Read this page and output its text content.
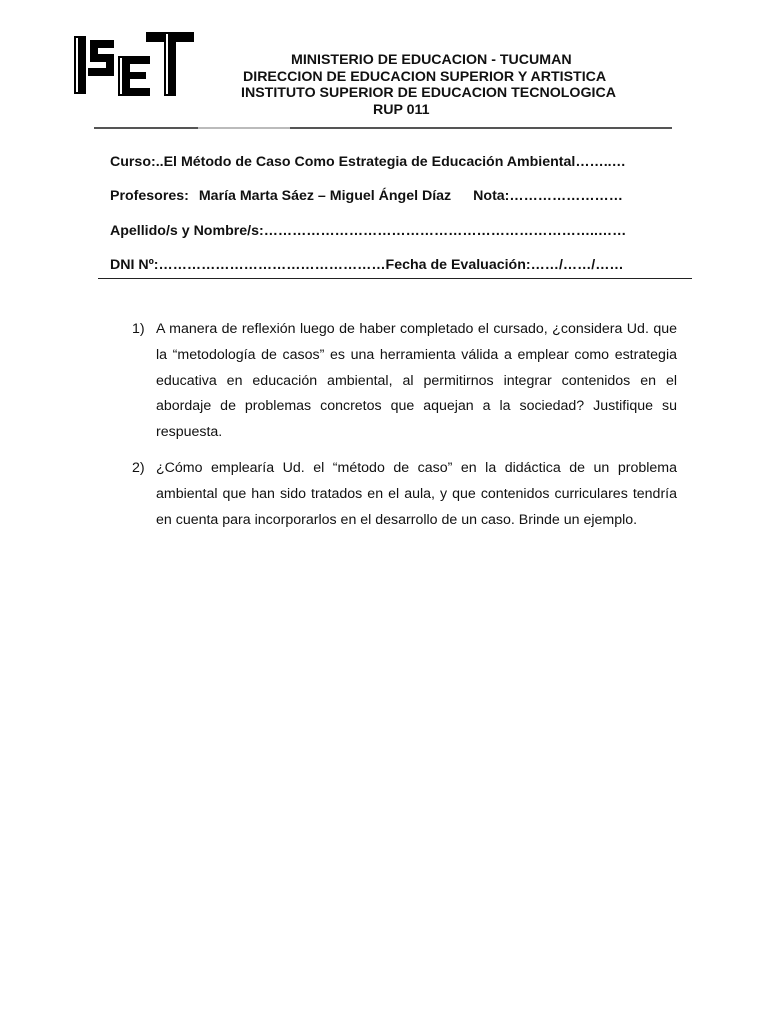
MINISTERIO DE EDUCACION - TUCUMAN
DIRECCION DE EDUCACION SUPERIOR Y ARTISTICA
INSTITUTO SUPERIOR DE EDUCACION TECNOLOGICA
RUP 011
Curso:..El Método de Caso Como Estrategia de Educación Ambiental……..…
Profesores: María Marta Sáez – Miguel Ángel Díaz Nota:……………………
Apellido/s y Nombre/s:……………………………………………………………..……
DNI Nº:…………………………………………Fecha de Evaluación:……/……/……
1) A manera de reflexión luego de haber completado el cursado, ¿considera Ud. que la “metodología de casos” es una herramienta válida a emplear como estrategia educativa en educación ambiental, al permitirnos integrar contenidos en el abordaje de problemas concretos que aquejan a la sociedad? Justifique su respuesta.
2) ¿Cómo emplearía Ud. el “método de caso” en la didáctica de un problema ambiental que han sido tratados en el aula, y que contenidos curriculares tendría en cuenta para incorporarlos en el desarrollo de un caso. Brinde un ejemplo.
